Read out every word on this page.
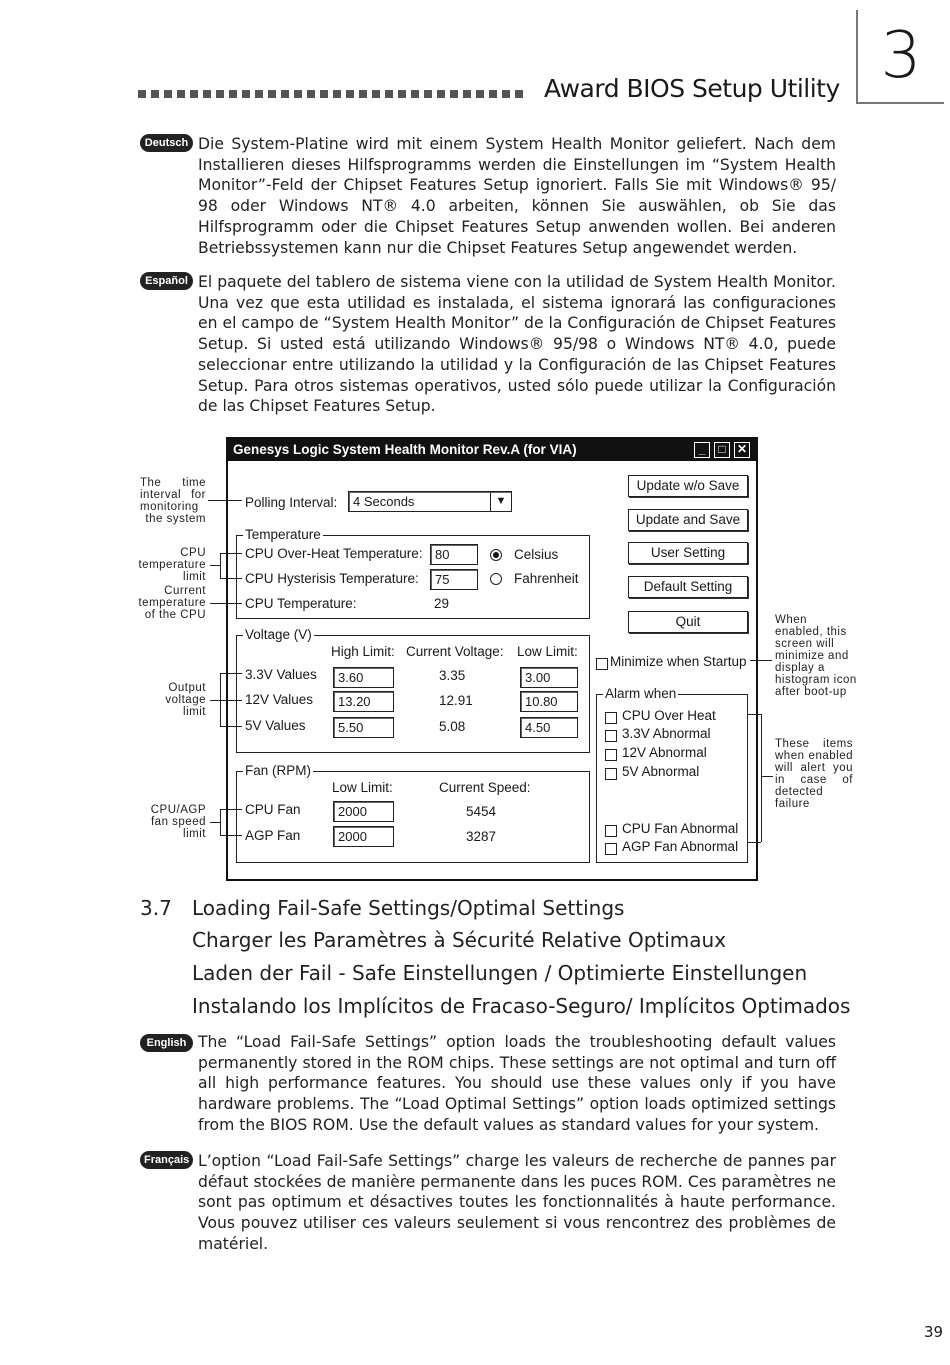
Award BIOS Setup Utility 3
Deutsch Die System-Platine wird mit einem System Health Monitor geliefert. Nach dem Installieren dieses Hilfsprogramms werden die Einstellungen im “System Health Monitor”-Feld der Chipset Features Setup ignoriert. Falls Sie mit Windows® 95/ 98 oder Windows NT® 4.0 arbeiten, können Sie auswählen, ob Sie das Hilfsprogramm oder die Chipset Features Setup anwenden wollen. Bei anderen Betriebssystemen kann nur die Chipset Features Setup angewendet werden.
Español El paquete del tablero de sistema viene con la utilidad de System Health Monitor. Una vez que esta utilidad es instalada, el sistema ignorará las configuraciones en el campo de “System Health Monitor” de la Configuración de Chipset Features Setup. Si usted está utilizando Windows® 95/98 o Windows NT® 4.0, puede seleccionar entre utilizando la utilidad y la Configuración de las Chipset Features Setup. Para otros sistemas operativos, usted sólo puede utilizar la Configuración de las Chipset Features Setup.
Genesys Logic System Health Monitor Rev.A (for VIA)	_	□ ✕
Polling Interval:	4 Seconds	▼
Update w/o Save
Update and Save
User Setting
Default Setting
Quit
Temperature
CPU Over-Heat Temperature: 80
CPU Hysterisis Temperature:	75
CPU Temperature:	29
Celsius
Fahrenheit
Voltage (V)
High Limit: Current Voltage: Low Limit:
3.3V Values	3.60	3.35	3.00
12V Values	13.20	12.91	10.80
5V Values	5.50	5.08	4.50
Fan (RPM)
Low Limit:	Current Speed:
CPU Fan	2000	5454
AGP Fan	2000	3287
Minimize when Startup
Alarm when
CPU Over Heat
3.3V Abnormal
12V Abnormal
5V Abnormal
CPU Fan Abnormal
AGP Fan Abnormal
The time interval for monitoring the system
CPU temperature limit
Current temperature of the CPU
Output voltage limit
CPU/AGP fan speed limit
When enabled, this screen will minimize and display a histogram icon after boot-up
These items when enabled will alert you in case of detected failure
3.7 Loading Fail-Safe Settings/Optimal Settings
Charger les Paramètres à Sécurité Relative Optimaux
Laden der Fail - Safe Einstellungen / Optimierte Einstellungen
Instalando los Implícitos de Fracaso-Seguro/ Implícitos Optimados
English The “Load Fail-Safe Settings” option loads the troubleshooting default values permanently stored in the ROM chips. These settings are not optimal and turn off all high performance features. You should use these values only if you have hardware problems. The “Load Optimal Settings” option loads optimized settings from the BIOS ROM. Use the default values as standard values for your system.
Français L’option “Load Fail-Safe Settings” charge les valeurs de recherche de pannes par défaut stockées de manière permanente dans les puces ROM. Ces paramètres ne sont pas optimum et désactives toutes les fonctionnalités à haute performance. Vous pouvez utiliser ces valeurs seulement si vous rencontrez des problèmes de matériel.
39
